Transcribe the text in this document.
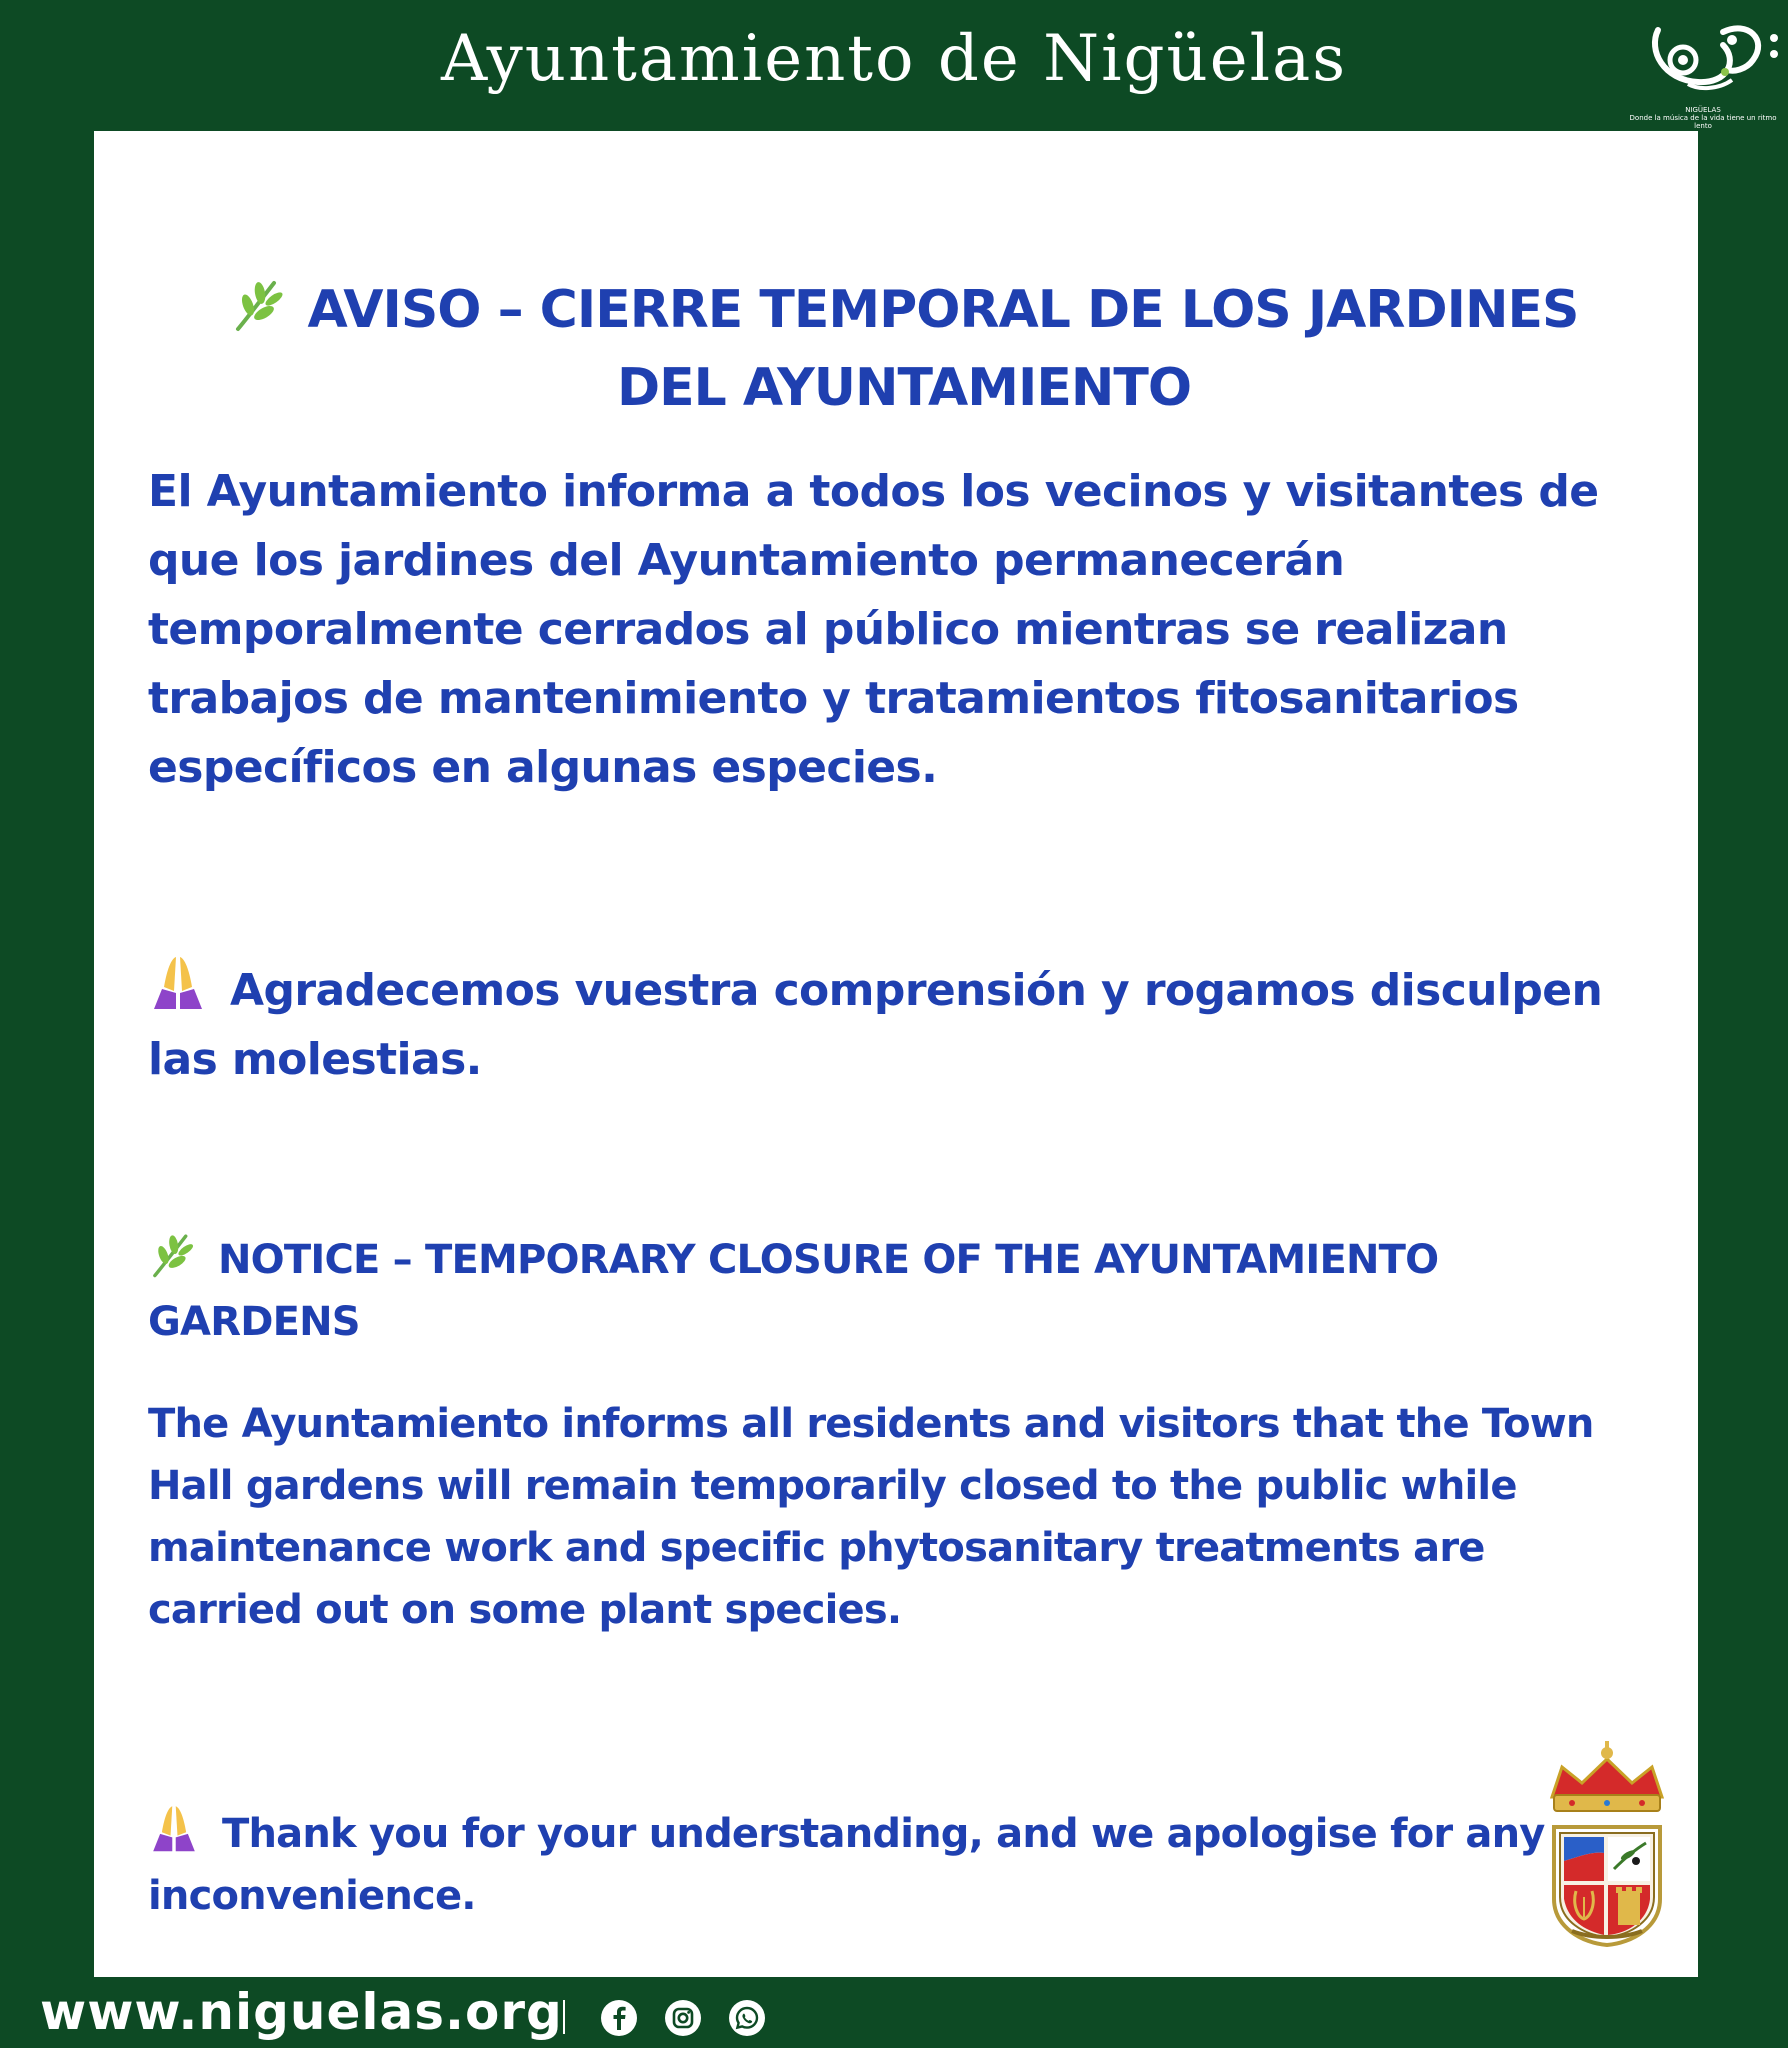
Ayuntamiento de Nigüelas
NIGÜELAS
Donde la música de la vida tiene un ritmo lento
AVISO – CIERRE TEMPORAL DE LOS JARDINES DEL AYUNTAMIENTO
El Ayuntamiento informa a todos los vecinos y visitantes de que los jardines del Ayuntamiento permanecerán temporalmente cerrados al público mientras se realizan trabajos de mantenimiento y tratamientos fitosanitarios específicos en algunas especies.
Agradecemos vuestra comprensión y rogamos disculpen las molestias.
NOTICE – TEMPORARY CLOSURE OF THE AYUNTAMIENTO GARDENS
The Ayuntamiento informs all residents and visitors that the Town Hall gardens will remain temporarily closed to the public while maintenance work and specific phytosanitary treatments are carried out on some plant species.
Thank you for your understanding, and we apologise for any inconvenience.
www.niguelas.org
